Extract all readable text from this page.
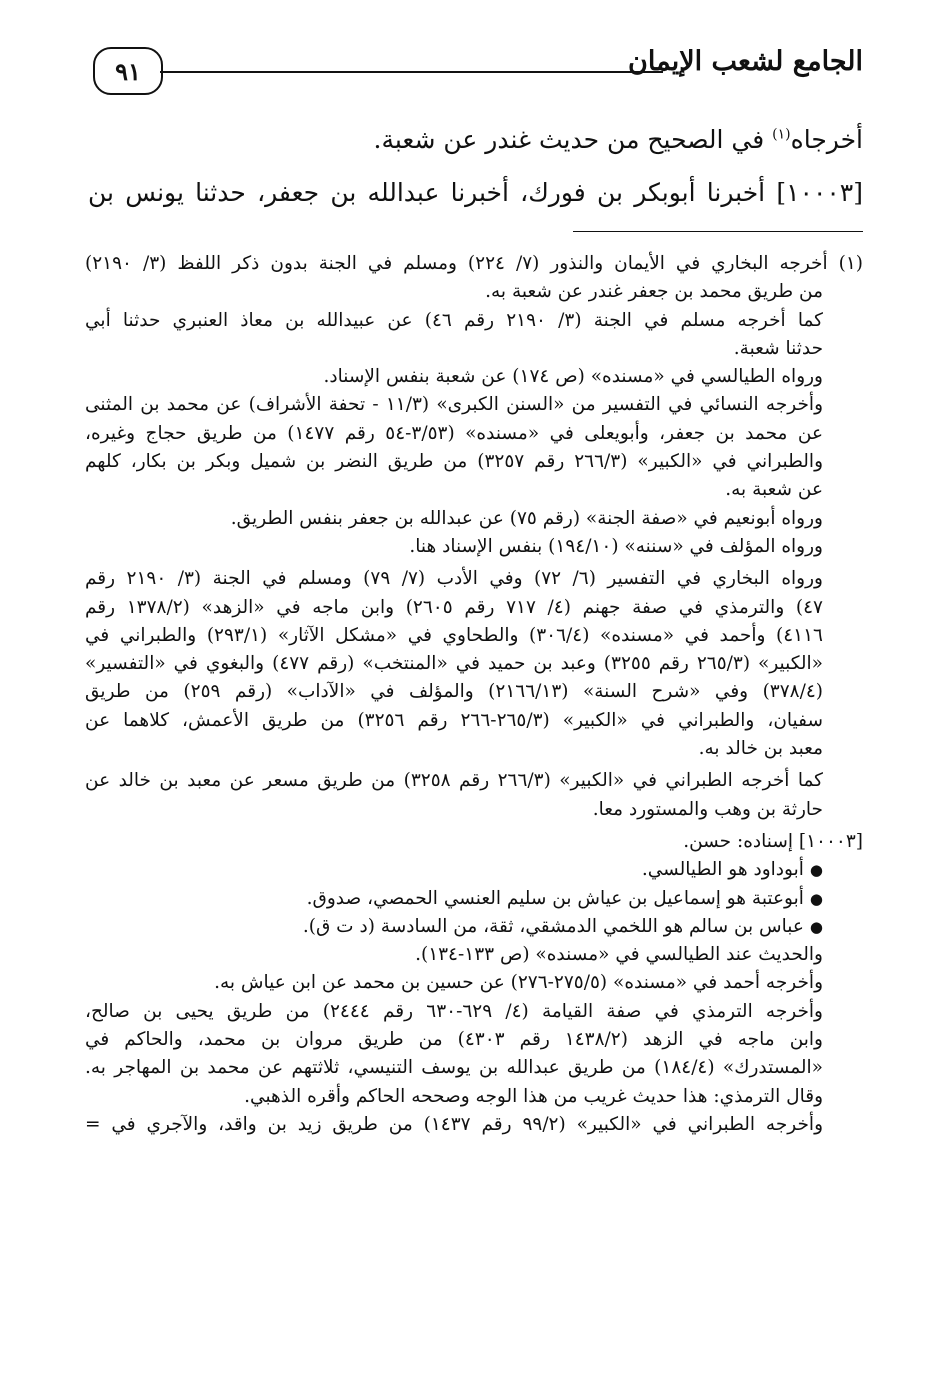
الجامع لشعب الإيمان
٩١
أخرجاه$^{(١)}$ في الصحيح من حديث غندر عن شعبة.
[١٠٠٠٣] أخبرنا أبوبكر بن فورك، أخبرنا عبدالله بن جعفر، حدثنا يونس بن
(١) أخرجه البخاري في الأيمان والنذور (٧/ ٢٢٤) ومسلم في الجنة بدون ذكر اللفظ (٣/ ٢١٩٠)
من طريق محمد بن جعفر غندر عن شعبة به.
كما أخرجه مسلم في الجنة (٣/ ٢١٩٠ رقم ٤٦) عن عبيدالله بن معاذ العنبري حدثنا أبي
حدثنا شعبة.
ورواه الطيالسي في «مسنده» (ص ١٧٤) عن شعبة بنفس الإسناد.
وأخرجه النسائي في التفسير من «السنن الكبرى» (١١/٣ - تحفة الأشراف) عن محمد بن المثنى
عن محمد بن جعفر، وأبويعلى في «مسنده» (٣/٥٣-٥٤ رقم ١٤٧٧) من طريق حجاج وغيره،
والطبراني في «الكبير» (٢٦٦/٣ رقم ٣٢٥٧) من طريق النضر بن شميل وبكر بن بكار، كلهم
عن شعبة به.
ورواه أبونعيم في «صفة الجنة» (رقم ٧٥) عن عبدالله بن جعفر بنفس الطريق.
ورواه المؤلف في «سننه» (١٩٤/١٠) بنفس الإسناد هنا.
ورواه البخاري في التفسير (٦/ ٧٢) وفي الأدب (٧/ ٧٩) ومسلم في الجنة (٣/ ٢١٩٠ رقم
٤٧) والترمذي في صفة جهنم (٤/ ٧١٧ رقم ٢٦٠٥) وابن ماجه في «الزهد» (١٣٧٨/٢ رقم
٤١١٦) وأحمد في «مسنده» (٣٠٦/٤) والطحاوي في «مشكل الآثار» (٢٩٣/١) والطبراني في
«الكبير» (٢٦٥/٣ رقم ٣٢٥٥) وعبد بن حميد في «المنتخب» (رقم ٤٧٧) والبغوي في «التفسير»
(٣٧٨/٤) وفي «شرح السنة» (٢١٦٦/١٣) والمؤلف في «الآداب» (رقم ٢٥٩) من طريق
سفيان، والطبراني في «الكبير» (٢٦٥/٣-٢٦٦ رقم ٣٢٥٦) من طريق الأعمش، كلاهما عن
معبد بن خالد به.
كما أخرجه الطبراني في «الكبير» (٢٦٦/٣ رقم ٣٢٥٨) من طريق مسعر عن معبد بن خالد عن
حارثة بن وهب والمستورد معا.
[١٠٠٠٣] إسناده: حسن.
●أبوداود هو الطيالسي.
●أبوعتبة هو إسماعيل بن عياش بن سليم العنسي الحمصي، صدوق.
●عباس بن سالم هو اللخمي الدمشقي، ثقة، من السادسة (د ت ق).
والحديث عند الطيالسي في «مسنده» (ص ١٣٣-١٣٤).
وأخرجه أحمد في «مسنده» (٢٧٥/٥-٢٧٦) عن حسين بن محمد عن ابن عياش به.
وأخرجه الترمذي في صفة القيامة (٤/ ٦٢٩-٦٣٠ رقم ٢٤٤٤) من طريق يحيى بن صالح،
وابن ماجه في الزهد (١٤٣٨/٢ رقم ٤٣٠٣) من طريق مروان بن محمد، والحاكم في
«المستدرك» (١٨٤/٤) من طريق عبدالله بن يوسف التنيسي، ثلاثتهم عن محمد بن المهاجر به.
وقال الترمذي: هذا حديث غريب من هذا الوجه وصححه الحاكم وأقره الذهبي.
وأخرجه الطبراني في «الكبير» (٩٩/٢ رقم ١٤٣٧) من طريق زيد بن واقد، والآجري في =
